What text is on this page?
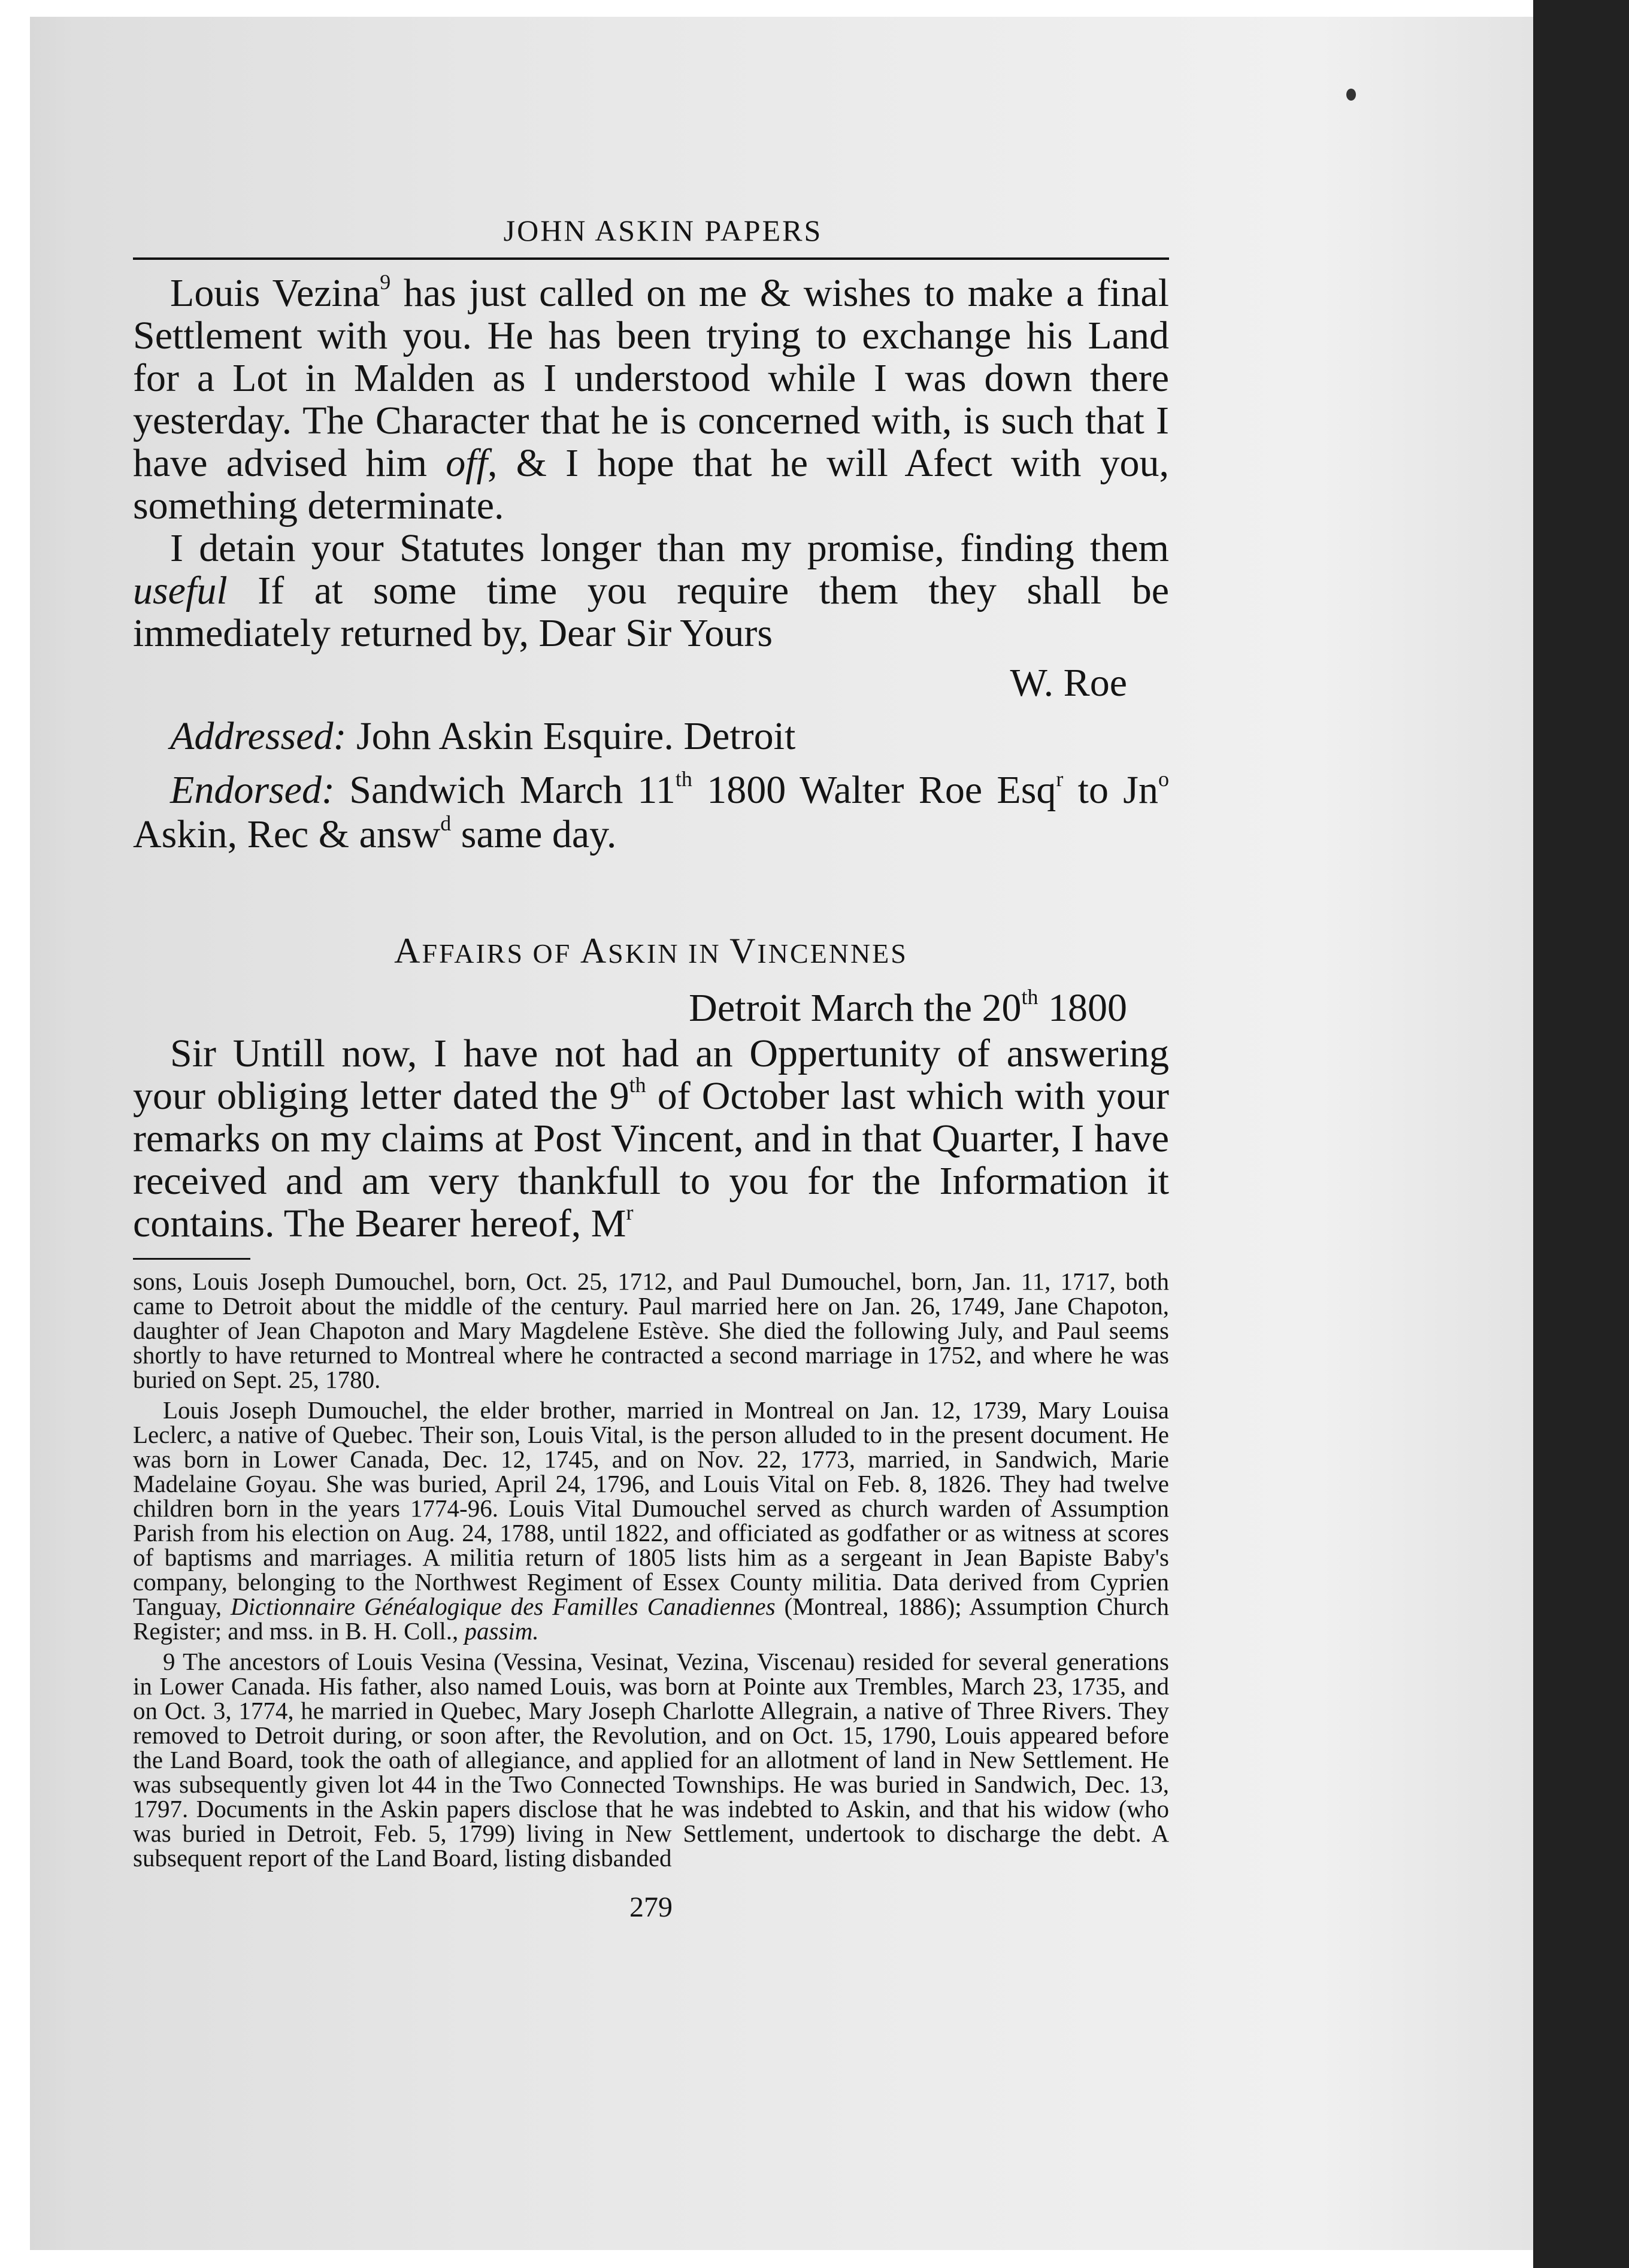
JOHN ASKIN PAPERS

Louis Vezina$^9$ has just called on me & wishes to make a final Settlement with you. He has been trying to exchange his Land for a Lot in Malden as I understood while I was down there yesterday. The Character that he is concerned with, is such that I have advised him off, & I hope that he will Afect with you, something determinate.

I detain your Statutes longer than my promise, finding them useful If at some time you require them they shall be immediately returned by, Dear Sir Yours

W. Roe

Addressed: John Askin Esquire. Detroit

Endorsed: Sandwich March 11th 1800 Walter Roe Esq$^r$ to Jn$^o$ Askin, Rec & answ$^d$ same day.

AFFAIRS OF ASKIN IN VINCENNES
Detroit March the 20th 1800

Sir Untill now, I have not had an Oppertunity of answering your obliging letter dated the 9th of October last which with your remarks on my claims at Post Vincent, and in that Quarter, I have received and am very thankfull to you for the Information it contains. The Bearer hereof, $M^r$

sons, Louis Joseph Dumouchel, born, Oct. 25, 1712, and Paul Dumouchel, born, Jan. 11, 1717, both came to Detroit about the middle of the century. Paul married here on Jan. 26, 1749, Jane Chapoton, daughter of Jean Chapoton and Mary Magdelene Estève. She died the following July, and Paul seems shortly to have returned to Montreal where he contracted a second marriage in 1752, and where he was buried on Sept. 25, 1780.

Louis Joseph Dumouchel, the elder brother, married in Montreal on Jan. 12, 1739, Mary Louisa Leclerc, a native of Quebec. Their son, Louis Vital, is the person alluded to in the present document. He was born in Lower Canada, Dec. 12, 1745, and on Nov. 22, 1773, married, in Sandwich, Marie Madelaine Goyau. She was buried, April 24, 1796, and Louis Vital on Feb. 8, 1826. They had twelve children born in the years 1774-96. Louis Vital Dumouchel served as church warden of Assumption Parish from his election on Aug. 24, 1788, until 1822, and officiated as godfather or as witness at scores of baptisms and marriages. A militia return of 1805 lists him as a sergeant in Jean Bapiste Baby's company, belonging to the Northwest Regiment of Essex County militia. Data derived from Cyprien Tanguay, Dictionnaire Généalogique des Familles Canadiennes (Montreal, 1886); Assumption Church Register; and mss. in B. H. Coll., passim.

9 The ancestors of Louis Vesina (Vessina, Vesinat, Vezina, Viscenau) resided for several generations in Lower Canada. His father, also named Louis, was born at Pointe aux Trembles, March 23, 1735, and on Oct. 3, 1774, he married in Quebec, Mary Joseph Charlotte Allegrain, a native of Three Rivers. They removed to Detroit during, or soon after, the Revolution, and on Oct. 15, 1790, Louis appeared before the Land Board, took the oath of allegiance, and applied for an allotment of land in New Settlement. He was subsequently given lot 44 in the Two Connected Townships. He was buried in Sandwich, Dec. 13, 1797. Documents in the Askin papers disclose that he was indebted to Askin, and that his widow (who was buried in Detroit, Feb. 5, 1799) living in New Settlement, undertook to discharge the debt. A subsequent report of the Land Board, listing disbanded

279
